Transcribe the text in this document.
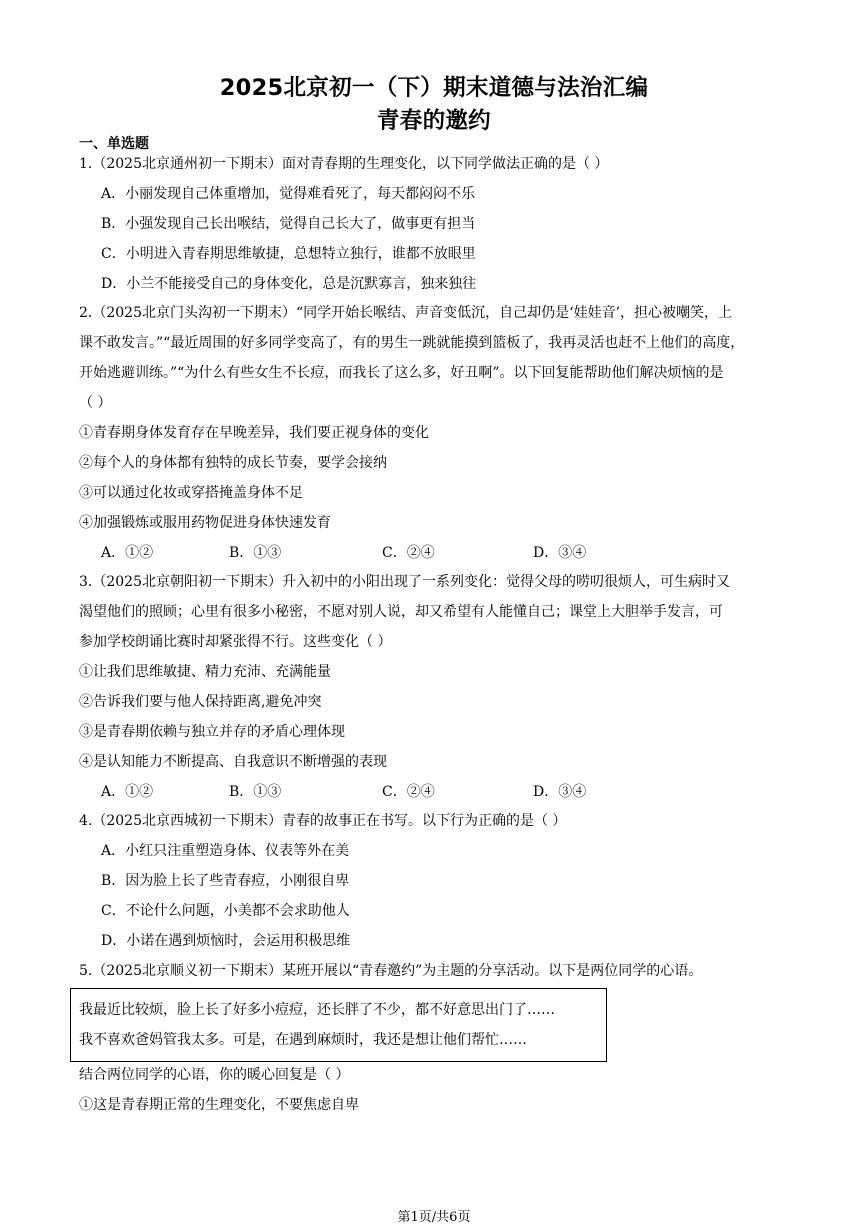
2025北京初一（下）期末道德与法治汇编
青春的邀约
一、单选题
1.（2025北京通州初一下期末）面对青春期的生理变化，以下同学做法正确的是（ ）
A．小丽发现自己体重增加，觉得难看死了，每天都闷闷不乐
B．小强发现自己长出喉结，觉得自己长大了，做事更有担当
C．小明进入青春期思维敏捷，总想特立独行，谁都不放眼里
D．小兰不能接受自己的身体变化，总是沉默寡言，独来独往
2.（2025北京门头沟初一下期末）“同学开始长喉结、声音变低沉，自己却仍是‘娃娃音’，担心被嘲笑，上
课不敢发言。”“最近周围的好多同学变高了，有的男生一跳就能摸到篮板了，我再灵活也赶不上他们的高度，
开始逃避训练。”“为什么有些女生不长痘，而我长了这么多，好丑啊”。以下回复能帮助他们解决烦恼的是
（ ）
①青春期身体发育存在早晚差异，我们要正视身体的变化
②每个人的身体都有独特的成长节奏，要学会接纳
③可以通过化妆或穿搭掩盖身体不足
④加强锻炼或服用药物促进身体快速发育
A．①②	B．①③	C．②④	D．③④
3.（2025北京朝阳初一下期末）升入初中的小阳出现了一系列变化：觉得父母的唠叨很烦人，可生病时又
渴望他们的照顾；心里有很多小秘密，不愿对别人说，却又希望有人能懂自己；课堂上大胆举手发言，可
参加学校朗诵比赛时却紧张得不行。这些变化（ ）
①让我们思维敏捷、精力充沛、充满能量
②告诉我们要与他人保持距离,避免冲突
③是青春期依赖与独立并存的矛盾心理体现
④是认知能力不断提高、自我意识不断增强的表现
A．①②	B．①③	C．②④	D．③④
4.（2025北京西城初一下期末）青春的故事正在书写。以下行为正确的是（ ）
A．小红只注重塑造身体、仪表等外在美
B．因为脸上长了些青春痘，小刚很自卑
C．不论什么问题，小美都不会求助他人
D．小诺在遇到烦恼时，会运用积极思维
5.（2025北京顺义初一下期末）某班开展以“青春邀约”为主题的分享活动。以下是两位同学的心语。
我最近比较烦，脸上长了好多小痘痘，还长胖了不少，都不好意思出门了……
我不喜欢爸妈管我太多。可是，在遇到麻烦时，我还是想让他们帮忙……
结合两位同学的心语，你的暖心回复是（ ）
①这是青春期正常的生理变化，不要焦虑自卑
第1页/共6页
